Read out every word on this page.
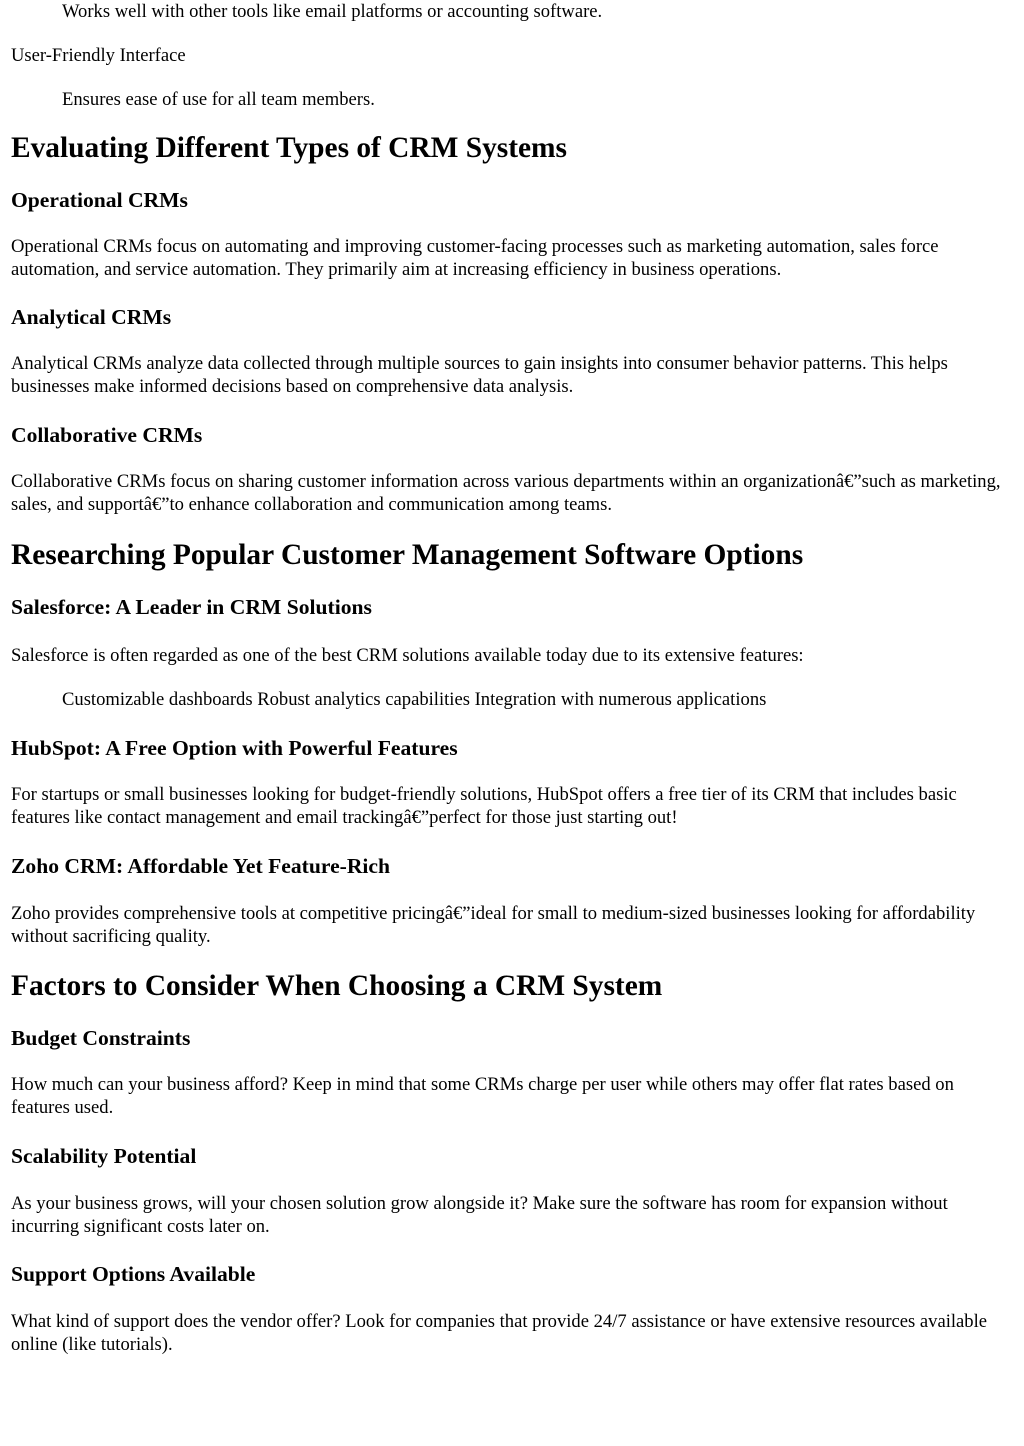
Works well with other tools like email platforms or accounting software.

User-Friendly Interface

Ensures ease of use for all team members.

Evaluating Different Types of CRM Systems
Operational CRMs

Operational CRMs focus on automating and improving customer-facing processes such as marketing automation, sales force automation, and service automation. They primarily aim at increasing efficiency in business operations.

Analytical CRMs

Analytical CRMs analyze data collected through multiple sources to gain insights into consumer behavior patterns. This helps businesses make informed decisions based on comprehensive data analysis.

Collaborative CRMs

Collaborative CRMs focus on sharing customer information across various departments within an organizationâ€”such as marketing, sales, and supportâ€”to enhance collaboration and communication among teams.

Researching Popular Customer Management Software Options
Salesforce: A Leader in CRM Solutions

Salesforce is often regarded as one of the best CRM solutions available today due to its extensive features:

Customizable dashboards Robust analytics capabilities Integration with numerous applications

HubSpot: A Free Option with Powerful Features

For startups or small businesses looking for budget-friendly solutions, HubSpot offers a free tier of its CRM that includes basic features like contact management and email trackingâ€”perfect for those just starting out!

Zoho CRM: Affordable Yet Feature-Rich

Zoho provides comprehensive tools at competitive pricingâ€”ideal for small to medium-sized businesses looking for affordability without sacrificing quality.

Factors to Consider When Choosing a CRM System
Budget Constraints

How much can your business afford? Keep in mind that some CRMs charge per user while others may offer flat rates based on features used.

Scalability Potential

As your business grows, will your chosen solution grow alongside it? Make sure the software has room for expansion without incurring significant costs later on.

Support Options Available

What kind of support does the vendor offer? Look for companies that provide 24/7 assistance or have extensive resources available online (like tutorials).
